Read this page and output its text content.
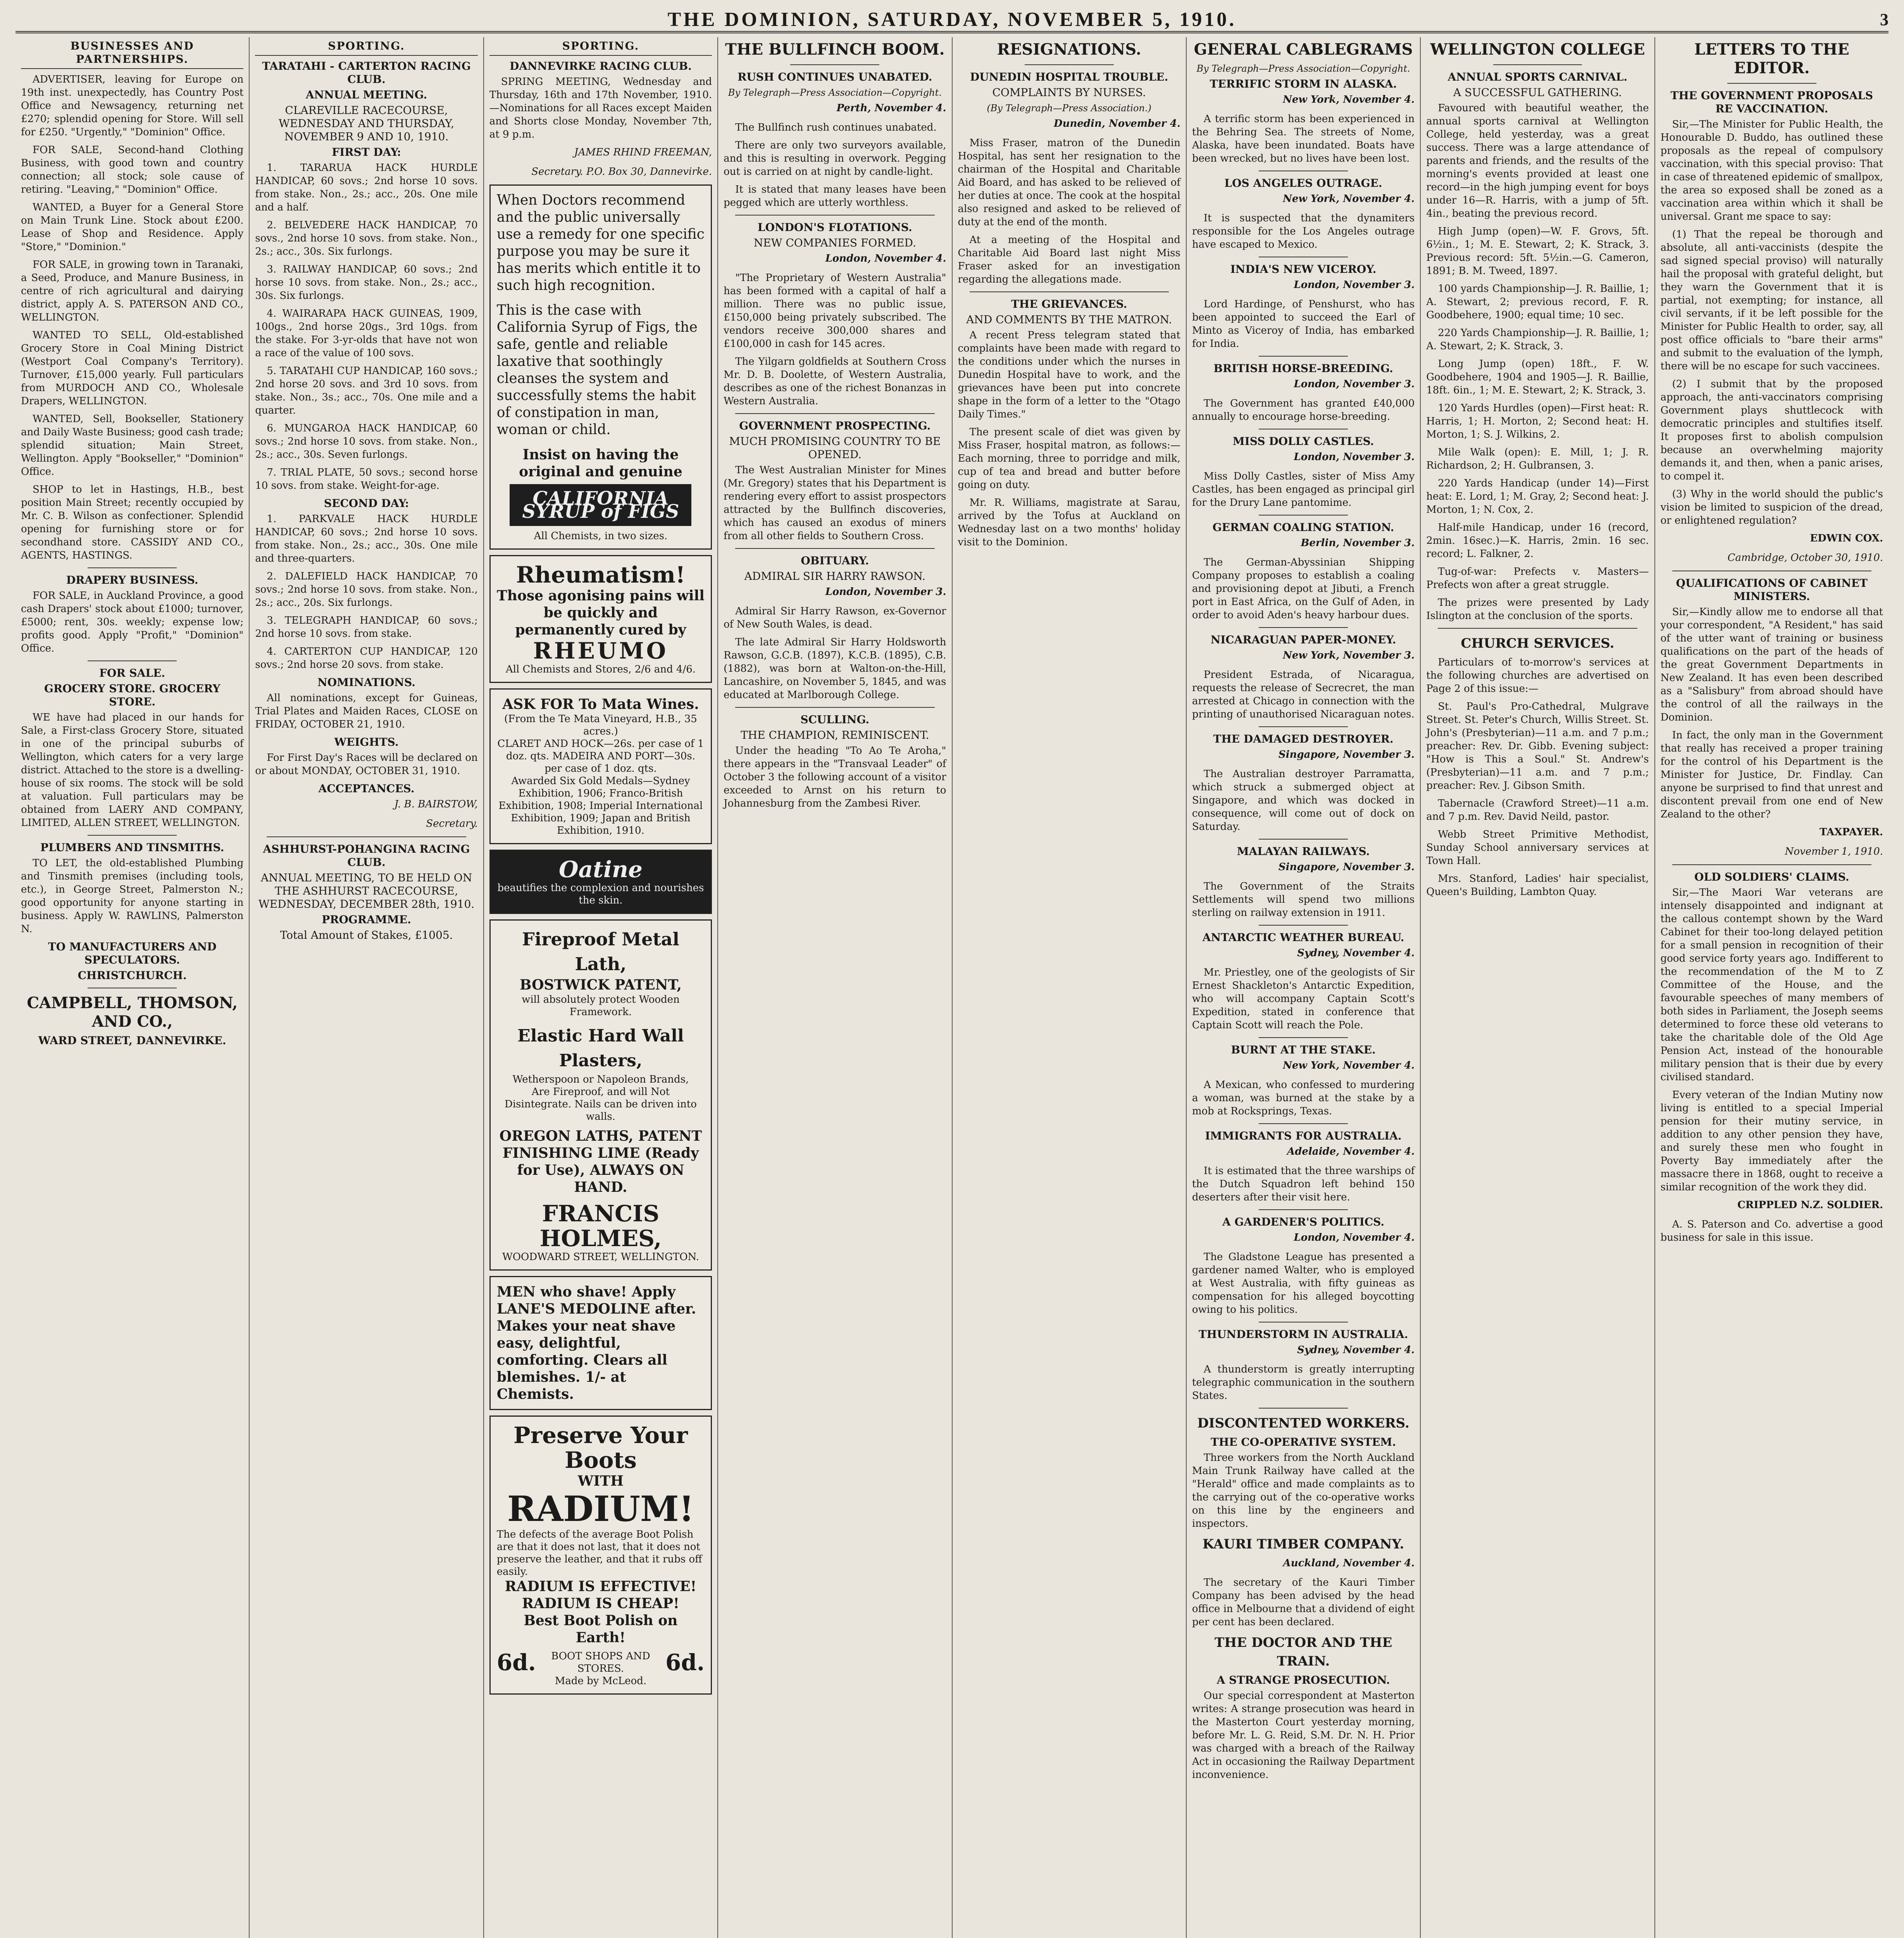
THE DOMINION, SATURDAY, NOVEMBER 5, 1910.	3
BUSINESSES AND PARTNERSHIPS.

ADVERTISER, leaving for Europe on 19th inst. unexpectedly, has Country Post Office and Newsagency, returning net £270; splendid opening for Store. Will sell for £250. "Urgently," "Dominion" Office.

FOR SALE, Second-hand Clothing Business, with good town and country connection; all stock; sole cause of retiring. "Leaving," "Dominion" Office.

WANTED, a Buyer for a General Store on Main Trunk Line. Stock about £200. Lease of Shop and Residence. Apply "Store," "Dominion."

FOR SALE, in growing town in Taranaki, a Seed, Produce, and Manure Business, in centre of rich agricultural and dairying district, apply A. S. PATERSON AND CO., WELLINGTON.

WANTED TO SELL, Old-established Grocery Store in Coal Mining District (Westport Coal Company's Territory). Turnover, £15,000 yearly. Full particulars from MURDOCH AND CO., Wholesale Drapers, WELLINGTON.

WANTED, Sell, Bookseller, Stationery and Daily Waste Business; good cash trade; splendid situation; Main Street, Wellington. Apply "Bookseller," "Dominion" Office.

SHOP to let in Hastings, H.B., best position Main Street; recently occupied by Mr. C. B. Wilson as confectioner. Splendid opening for furnishing store or for secondhand store. CASSIDY AND CO., AGENTS, HASTINGS.

DRAPERY BUSINESS.

FOR SALE, in Auckland Province, a good cash Drapers' stock about £1000; turnover, £5000; rent, 30s. weekly; expense low; profits good. Apply "Profit," "Dominion" Office.

FOR SALE.
GROCERY STORE. GROCERY STORE.

WE have had placed in our hands for Sale, a First-class Grocery Store, situated in one of the principal suburbs of Wellington, which caters for a very large district. Attached to the store is a dwelling-house of six rooms. The stock will be sold at valuation. Full particulars may be obtained from LAERY AND COMPANY, LIMITED, ALLEN STREET, WELLINGTON.

PLUMBERS AND TINSMITHS.

TO LET, the old-established Plumbing and Tinsmith premises (including tools, etc.), in George Street, Palmerston N.; good opportunity for anyone starting in business. Apply W. RAWLINS, Palmerston N.

TO MANUFACTURERS AND SPECULATORS.
CHRISTCHURCH.
CAMPBELL, THOMSON, AND CO.,
WARD STREET, DANNEVIRKE.
SPORTING.
TARATAHI - CARTERTON RACING CLUB.
ANNUAL MEETING.
CLAREVILLE RACECOURSE, WEDNESDAY AND THURSDAY, NOVEMBER 9 AND 10, 1910.
FIRST DAY:

1. TARARUA HACK HURDLE HANDICAP, 60 sovs.; 2nd horse 10 sovs. from stake. Non., 2s.; acc., 20s. One mile and a half.

2. BELVEDERE HACK HANDICAP, 70 sovs., 2nd horse 10 sovs. from stake. Non., 2s.; acc., 30s. Six furlongs.

3. RAILWAY HANDICAP, 60 sovs.; 2nd horse 10 sovs. from stake. Non., 2s.; acc., 30s. Six furlongs.

4. WAIRARAPA HACK GUINEAS, 1909, 100gs., 2nd horse 20gs., 3rd 10gs. from the stake. For 3-yr-olds that have not won a race of the value of 100 sovs.

5. TARATAHI CUP HANDICAP, 160 sovs.; 2nd horse 20 sovs. and 3rd 10 sovs. from stake. Non., 3s.; acc., 70s. One mile and a quarter.

6. MUNGAROA HACK HANDICAP, 60 sovs.; 2nd horse 10 sovs. from stake. Non., 2s.; acc., 30s. Seven furlongs.

7. TRIAL PLATE, 50 sovs.; second horse 10 sovs. from stake. Weight-for-age.

SECOND DAY:

1. PARKVALE HACK HURDLE HANDICAP, 60 sovs.; 2nd horse 10 sovs. from stake. Non., 2s.; acc., 30s. One mile and three-quarters.

2. DALEFIELD HACK HANDICAP, 70 sovs.; 2nd horse 10 sovs. from stake. Non., 2s.; acc., 20s. Six furlongs.

3. TELEGRAPH HANDICAP, 60 sovs.; 2nd horse 10 sovs. from stake.

4. CARTERTON CUP HANDICAP, 120 sovs.; 2nd horse 20 sovs. from stake.

NOMINATIONS.

All nominations, except for Guineas, Trial Plates and Maiden Races, CLOSE on FRIDAY, OCTOBER 21, 1910.

WEIGHTS.

For First Day's Races will be declared on or about MONDAY, OCTOBER 31, 1910.

ACCEPTANCES.
J. B. BAIRSTOW,
Secretary.
ASHHURST-POHANGINA RACING CLUB.
ANNUAL MEETING, TO BE HELD ON THE ASHHURST RACECOURSE, WEDNESDAY, DECEMBER 28th, 1910.
PROGRAMME.
Total Amount of Stakes, £1005.
SPORTING.
DANNEVIRKE RACING CLUB.

SPRING MEETING, Wednesday and Thursday, 16th and 17th November, 1910.—Nominations for all Races except Maiden and Shorts close Monday, November 7th, at 9 p.m.

JAMES RHIND FREEMAN,
Secretary. P.O. Box 30, Dannevirke.
When Doctors recommend and the public universally use a remedy for one specific purpose you may be sure it has merits which entitle it to such high recognition.
This is the case with California Syrup of Figs, the safe, gentle and reliable laxative that soothingly cleanses the system and successfully stems the habit of constipation in man, woman or child.
Insist on having the original and genuine
CALIFORNIA SYRUP of FIGS
All Chemists, in two sizes.
Rheumatism!
Those agonising pains will be quickly and permanently cured by
RHEUMO
All Chemists and Stores, 2/6 and 4/6.
ASK FOR To Mata Wines.
(From the Te Mata Vineyard, H.B., 35 acres.)
CLARET AND HOCK—26s. per case of 1 doz. qts. MADEIRA AND PORT—30s. per case of 1 doz. qts.
Awarded Six Gold Medals—Sydney Exhibition, 1906; Franco-British Exhibition, 1908; Imperial International Exhibition, 1909; Japan and British Exhibition, 1910.
Oatine
beautifies the complexion and nourishes the skin.
Fireproof Metal Lath,
BOSTWICK PATENT,
will absolutely protect Wooden Framework.
Elastic Hard Wall Plasters,
Wetherspoon or Napoleon Brands,
Are Fireproof, and will Not Disintegrate. Nails can be driven into walls.
OREGON LATHS, PATENT FINISHING LIME (Ready for Use), ALWAYS ON HAND.
FRANCIS HOLMES,
WOODWARD STREET, WELLINGTON.
MEN who shave! Apply LANE'S MEDOLINE after. Makes your neat shave easy, delightful, comforting. Clears all blemishes. 1/- at Chemists.
Preserve Your Boots
WITH
RADIUM!
The defects of the average Boot Polish are that it does not last, that it does not preserve the leather, and that it rubs off easily.
RADIUM IS EFFECTIVE!
RADIUM IS CHEAP!
Best Boot Polish on Earth!
6d.	BOOT SHOPS AND STORES.	6d.
Made by McLeod.
THE BULLFINCH BOOM.
RUSH CONTINUES UNABATED.
By Telegraph—Press Association—Copyright.
Perth, November 4.

The Bullfinch rush continues unabated.

There are only two surveyors available, and this is resulting in overwork. Pegging out is carried on at night by candle-light.

It is stated that many leases have been pegged which are utterly worthless.

LONDON'S FLOTATIONS.
NEW COMPANIES FORMED.
London, November 4.

"The Proprietary of Western Australia" has been formed with a capital of half a million. There was no public issue, £150,000 being privately subscribed. The vendors receive 300,000 shares and £100,000 in cash for 145 acres.

The Yilgarn goldfields at Southern Cross Mr. D. B. Doolette, of Western Australia, describes as one of the richest Bonanzas in Western Australia.

GOVERNMENT PROSPECTING.
MUCH PROMISING COUNTRY TO BE OPENED.

The West Australian Minister for Mines (Mr. Gregory) states that his Department is rendering every effort to assist prospectors attracted by the Bullfinch discoveries, which has caused an exodus of miners from all other fields to Southern Cross.

OBITUARY.
ADMIRAL SIR HARRY RAWSON.
London, November 3.

Admiral Sir Harry Rawson, ex-Governor of New South Wales, is dead.

The late Admiral Sir Harry Holdsworth Rawson, G.C.B. (1897), K.C.B. (1895), C.B. (1882), was born at Walton-on-the-Hill, Lancashire, on November 5, 1845, and was educated at Marlborough College.

SCULLING.
THE CHAMPION, REMINISCENT.

Under the heading "To Ao Te Aroha," there appears in the "Transvaal Leader" of October 3 the following account of a visitor exceeded to Arnst on his return to Johannesburg from the Zambesi River.

RESIGNATIONS.
DUNEDIN HOSPITAL TROUBLE.
COMPLAINTS BY NURSES.
(By Telegraph—Press Association.)
Dunedin, November 4.

Miss Fraser, matron of the Dunedin Hospital, has sent her resignation to the chairman of the Hospital and Charitable Aid Board, and has asked to be relieved of her duties at once. The cook at the hospital also resigned and asked to be relieved of duty at the end of the month.

At a meeting of the Hospital and Charitable Aid Board last night Miss Fraser asked for an investigation regarding the allegations made.

THE GRIEVANCES.
AND COMMENTS BY THE MATRON.

A recent Press telegram stated that complaints have been made with regard to the conditions under which the nurses in Dunedin Hospital have to work, and the grievances have been put into concrete shape in the form of a letter to the "Otago Daily Times."

The present scale of diet was given by Miss Fraser, hospital matron, as follows:—Each morning, three to porridge and milk, cup of tea and bread and butter before going on duty.

Mr. R. Williams, magistrate at Sarau, arrived by the Tofus at Auckland on Wednesday last on a two months' holiday visit to the Dominion.

GENERAL CABLEGRAMS
By Telegraph—Press Association—Copyright.
TERRIFIC STORM IN ALASKA.
New York, November 4.

A terrific storm has been experienced in the Behring Sea. The streets of Nome, Alaska, have been inundated. Boats have been wrecked, but no lives have been lost.

LOS ANGELES OUTRAGE.
New York, November 4.

It is suspected that the dynamiters responsible for the Los Angeles outrage have escaped to Mexico.

INDIA'S NEW VICEROY.
London, November 3.

Lord Hardinge, of Penshurst, who has been appointed to succeed the Earl of Minto as Viceroy of India, has embarked for India.

BRITISH HORSE-BREEDING.
London, November 3.

The Government has granted £40,000 annually to encourage horse-breeding.

MISS DOLLY CASTLES.
London, November 3.

Miss Dolly Castles, sister of Miss Amy Castles, has been engaged as principal girl for the Drury Lane pantomime.

GERMAN COALING STATION.
Berlin, November 3.

The German-Abyssinian Shipping Company proposes to establish a coaling and provisioning depot at Jibuti, a French port in East Africa, on the Gulf of Aden, in order to avoid Aden's heavy harbour dues.

NICARAGUAN PAPER-MONEY.
New York, November 3.

President Estrada, of Nicaragua, requests the release of Secrecret, the man arrested at Chicago in connection with the printing of unauthorised Nicaraguan notes.

THE DAMAGED DESTROYER.
Singapore, November 3.

The Australian destroyer Parramatta, which struck a submerged object at Singapore, and which was docked in consequence, will come out of dock on Saturday.

MALAYAN RAILWAYS.
Singapore, November 3.

The Government of the Straits Settlements will spend two millions sterling on railway extension in 1911.

ANTARCTIC WEATHER BUREAU.
Sydney, November 4.

Mr. Priestley, one of the geologists of Sir Ernest Shackleton's Antarctic Expedition, who will accompany Captain Scott's Expedition, stated in conference that Captain Scott will reach the Pole.

BURNT AT THE STAKE.
New York, November 4.

A Mexican, who confessed to murdering a woman, was burned at the stake by a mob at Rocksprings, Texas.

IMMIGRANTS FOR AUSTRALIA.
Adelaide, November 4.

It is estimated that the three warships of the Dutch Squadron left behind 150 deserters after their visit here.

A GARDENER'S POLITICS.
London, November 4.

The Gladstone League has presented a gardener named Walter, who is employed at West Australia, with fifty guineas as compensation for his alleged boycotting owing to his politics.

THUNDERSTORM IN AUSTRALIA.
Sydney, November 4.

A thunderstorm is greatly interrupting telegraphic communication in the southern States.

DISCONTENTED WORKERS.
THE CO-OPERATIVE SYSTEM.

Three workers from the North Auckland Main Trunk Railway have called at the "Herald" office and made complaints as to the carrying out of the co-operative works on this line by the engineers and inspectors.

KAURI TIMBER COMPANY.
Auckland, November 4.

The secretary of the Kauri Timber Company has been advised by the head office in Melbourne that a dividend of eight per cent has been declared.

THE DOCTOR AND THE TRAIN.
A STRANGE PROSECUTION.

Our special correspondent at Masterton writes: A strange prosecution was heard in the Masterton Court yesterday morning, before Mr. L. G. Reid, S.M. Dr. N. H. Prior was charged with a breach of the Railway Act in occasioning the Railway Department inconvenience.

WELLINGTON COLLEGE
ANNUAL SPORTS CARNIVAL.
A SUCCESSFUL GATHERING.

Favoured with beautiful weather, the annual sports carnival at Wellington College, held yesterday, was a great success. There was a large attendance of parents and friends, and the results of the morning's events provided at least one record—in the high jumping event for boys under 16—R. Harris, with a jump of 5ft. 4in., beating the previous record.

High Jump (open)—W. F. Grovs, 5ft. 6½in., 1; M. E. Stewart, 2; K. Strack, 3. Previous record: 5ft. 5½in.—G. Cameron, 1891; B. M. Tweed, 1897.

100 yards Championship—J. R. Baillie, 1; A. Stewart, 2; previous record, F. R. Goodbehere, 1900; equal time; 10 sec.

220 Yards Championship—J. R. Baillie, 1; A. Stewart, 2; K. Strack, 3.

Long Jump (open) 18ft., F. W. Goodbehere, 1904 and 1905—J. R. Baillie, 18ft. 6in., 1; M. E. Stewart, 2; K. Strack, 3.

120 Yards Hurdles (open)—First heat: R. Harris, 1; H. Morton, 2; Second heat: H. Morton, 1; S. J. Wilkins, 2.

Mile Walk (open): E. Mill, 1; J. R. Richardson, 2; H. Gulbransen, 3.

220 Yards Handicap (under 14)—First heat: E. Lord, 1; M. Gray, 2; Second heat: J. Morton, 1; N. Cox, 2.

Half-mile Handicap, under 16 (record, 2min. 16sec.)—K. Harris, 2min. 16 sec. record; L. Falkner, 2.

Tug-of-war: Prefects v. Masters—Prefects won after a great struggle.

The prizes were presented by Lady Islington at the conclusion of the sports.

CHURCH SERVICES.

Particulars of to-morrow's services at the following churches are advertised on Page 2 of this issue:—

St. Paul's Pro-Cathedral, Mulgrave Street. St. Peter's Church, Willis Street. St. John's (Presbyterian)—11 a.m. and 7 p.m.; preacher: Rev. Dr. Gibb. Evening subject: "How is This a Soul." St. Andrew's (Presbyterian)—11 a.m. and 7 p.m.; preacher: Rev. J. Gibson Smith.

Tabernacle (Crawford Street)—11 a.m. and 7 p.m. Rev. David Neild, pastor.

Webb Street Primitive Methodist, Sunday School anniversary services at Town Hall.

Mrs. Stanford, Ladies' hair specialist, Queen's Building, Lambton Quay.

LETTERS TO THE EDITOR.
THE GOVERNMENT PROPOSALS RE VACCINATION.

Sir,—The Minister for Public Health, the Honourable D. Buddo, has outlined these proposals as the repeal of compulsory vaccination, with this special proviso: That in case of threatened epidemic of smallpox, the area so exposed shall be zoned as a vaccination area within which it shall be universal. Grant me space to say:

(1) That the repeal be thorough and absolute, all anti-vaccinists (despite the sad signed special proviso) will naturally hail the proposal with grateful delight, but they warn the Government that it is partial, not exempting; for instance, all civil servants, if it be left possible for the Minister for Public Health to order, say, all post office officials to "bare their arms" and submit to the evaluation of the lymph, there will be no escape for such vaccinees.

(2) I submit that by the proposed approach, the anti-vaccinators comprising Government plays shuttlecock with democratic principles and stultifies itself. It proposes first to abolish compulsion because an overwhelming majority demands it, and then, when a panic arises, to compel it.

(3) Why in the world should the public's vision be limited to suspicion of the dread, or enlightened regulation?

EDWIN COX.
Cambridge, October 30, 1910.
QUALIFICATIONS OF CABINET MINISTERS.

Sir,—Kindly allow me to endorse all that your correspondent, "A Resident," has said of the utter want of training or business qualifications on the part of the heads of the great Government Departments in New Zealand. It has even been described as a "Salisbury" from abroad should have the control of all the railways in the Dominion.

In fact, the only man in the Government that really has received a proper training for the control of his Department is the Minister for Justice, Dr. Findlay. Can anyone be surprised to find that unrest and discontent prevail from one end of New Zealand to the other?

TAXPAYER.
November 1, 1910.
OLD SOLDIERS' CLAIMS.

Sir,—The Maori War veterans are intensely disappointed and indignant at the callous contempt shown by the Ward Cabinet for their too-long delayed petition for a small pension in recognition of their good service forty years ago. Indifferent to the recommendation of the M to Z Committee of the House, and the favourable speeches of many members of both sides in Parliament, the Joseph seems determined to force these old veterans to take the charitable dole of the Old Age Pension Act, instead of the honourable military pension that is their due by every civilised standard.

Every veteran of the Indian Mutiny now living is entitled to a special Imperial pension for their mutiny service, in addition to any other pension they have, and surely these men who fought in Poverty Bay immediately after the massacre there in 1868, ought to receive a similar recognition of the work they did.

CRIPPLED N.Z. SOLDIER.

A. S. Paterson and Co. advertise a good business for sale in this issue.
